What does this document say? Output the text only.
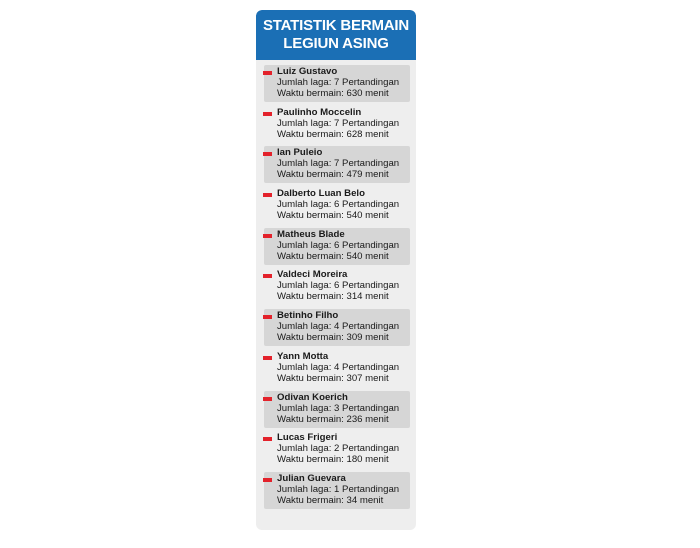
STATISTIK BERMAIN
LEGIUN ASING
Luiz Gustavo
Jumlah laga: 7 Pertandingan
Waktu bermain: 630 menit
Paulinho Moccelin
Jumlah laga: 7 Pertandingan
Waktu bermain: 628 menit
Ian Puleio
Jumlah laga: 7 Pertandingan
Waktu bermain: 479 menit
Dalberto Luan Belo
Jumlah laga: 6 Pertandingan
Waktu bermain: 540 menit
Matheus Blade
Jumlah laga: 6 Pertandingan
Waktu bermain: 540 menit
Valdeci Moreira
Jumlah laga: 6 Pertandingan
Waktu bermain: 314 menit
Betinho Filho
Jumlah laga: 4 Pertandingan
Waktu bermain: 309 menit
Yann Motta
Jumlah laga: 4 Pertandingan
Waktu bermain: 307 menit
Odivan Koerich
Jumlah laga: 3 Pertandingan
Waktu bermain: 236 menit
Lucas Frigeri
Jumlah laga: 2 Pertandingan
Waktu bermain: 180 menit
Julian Guevara
Jumlah laga: 1 Pertandingan
Waktu bermain: 34 menit
